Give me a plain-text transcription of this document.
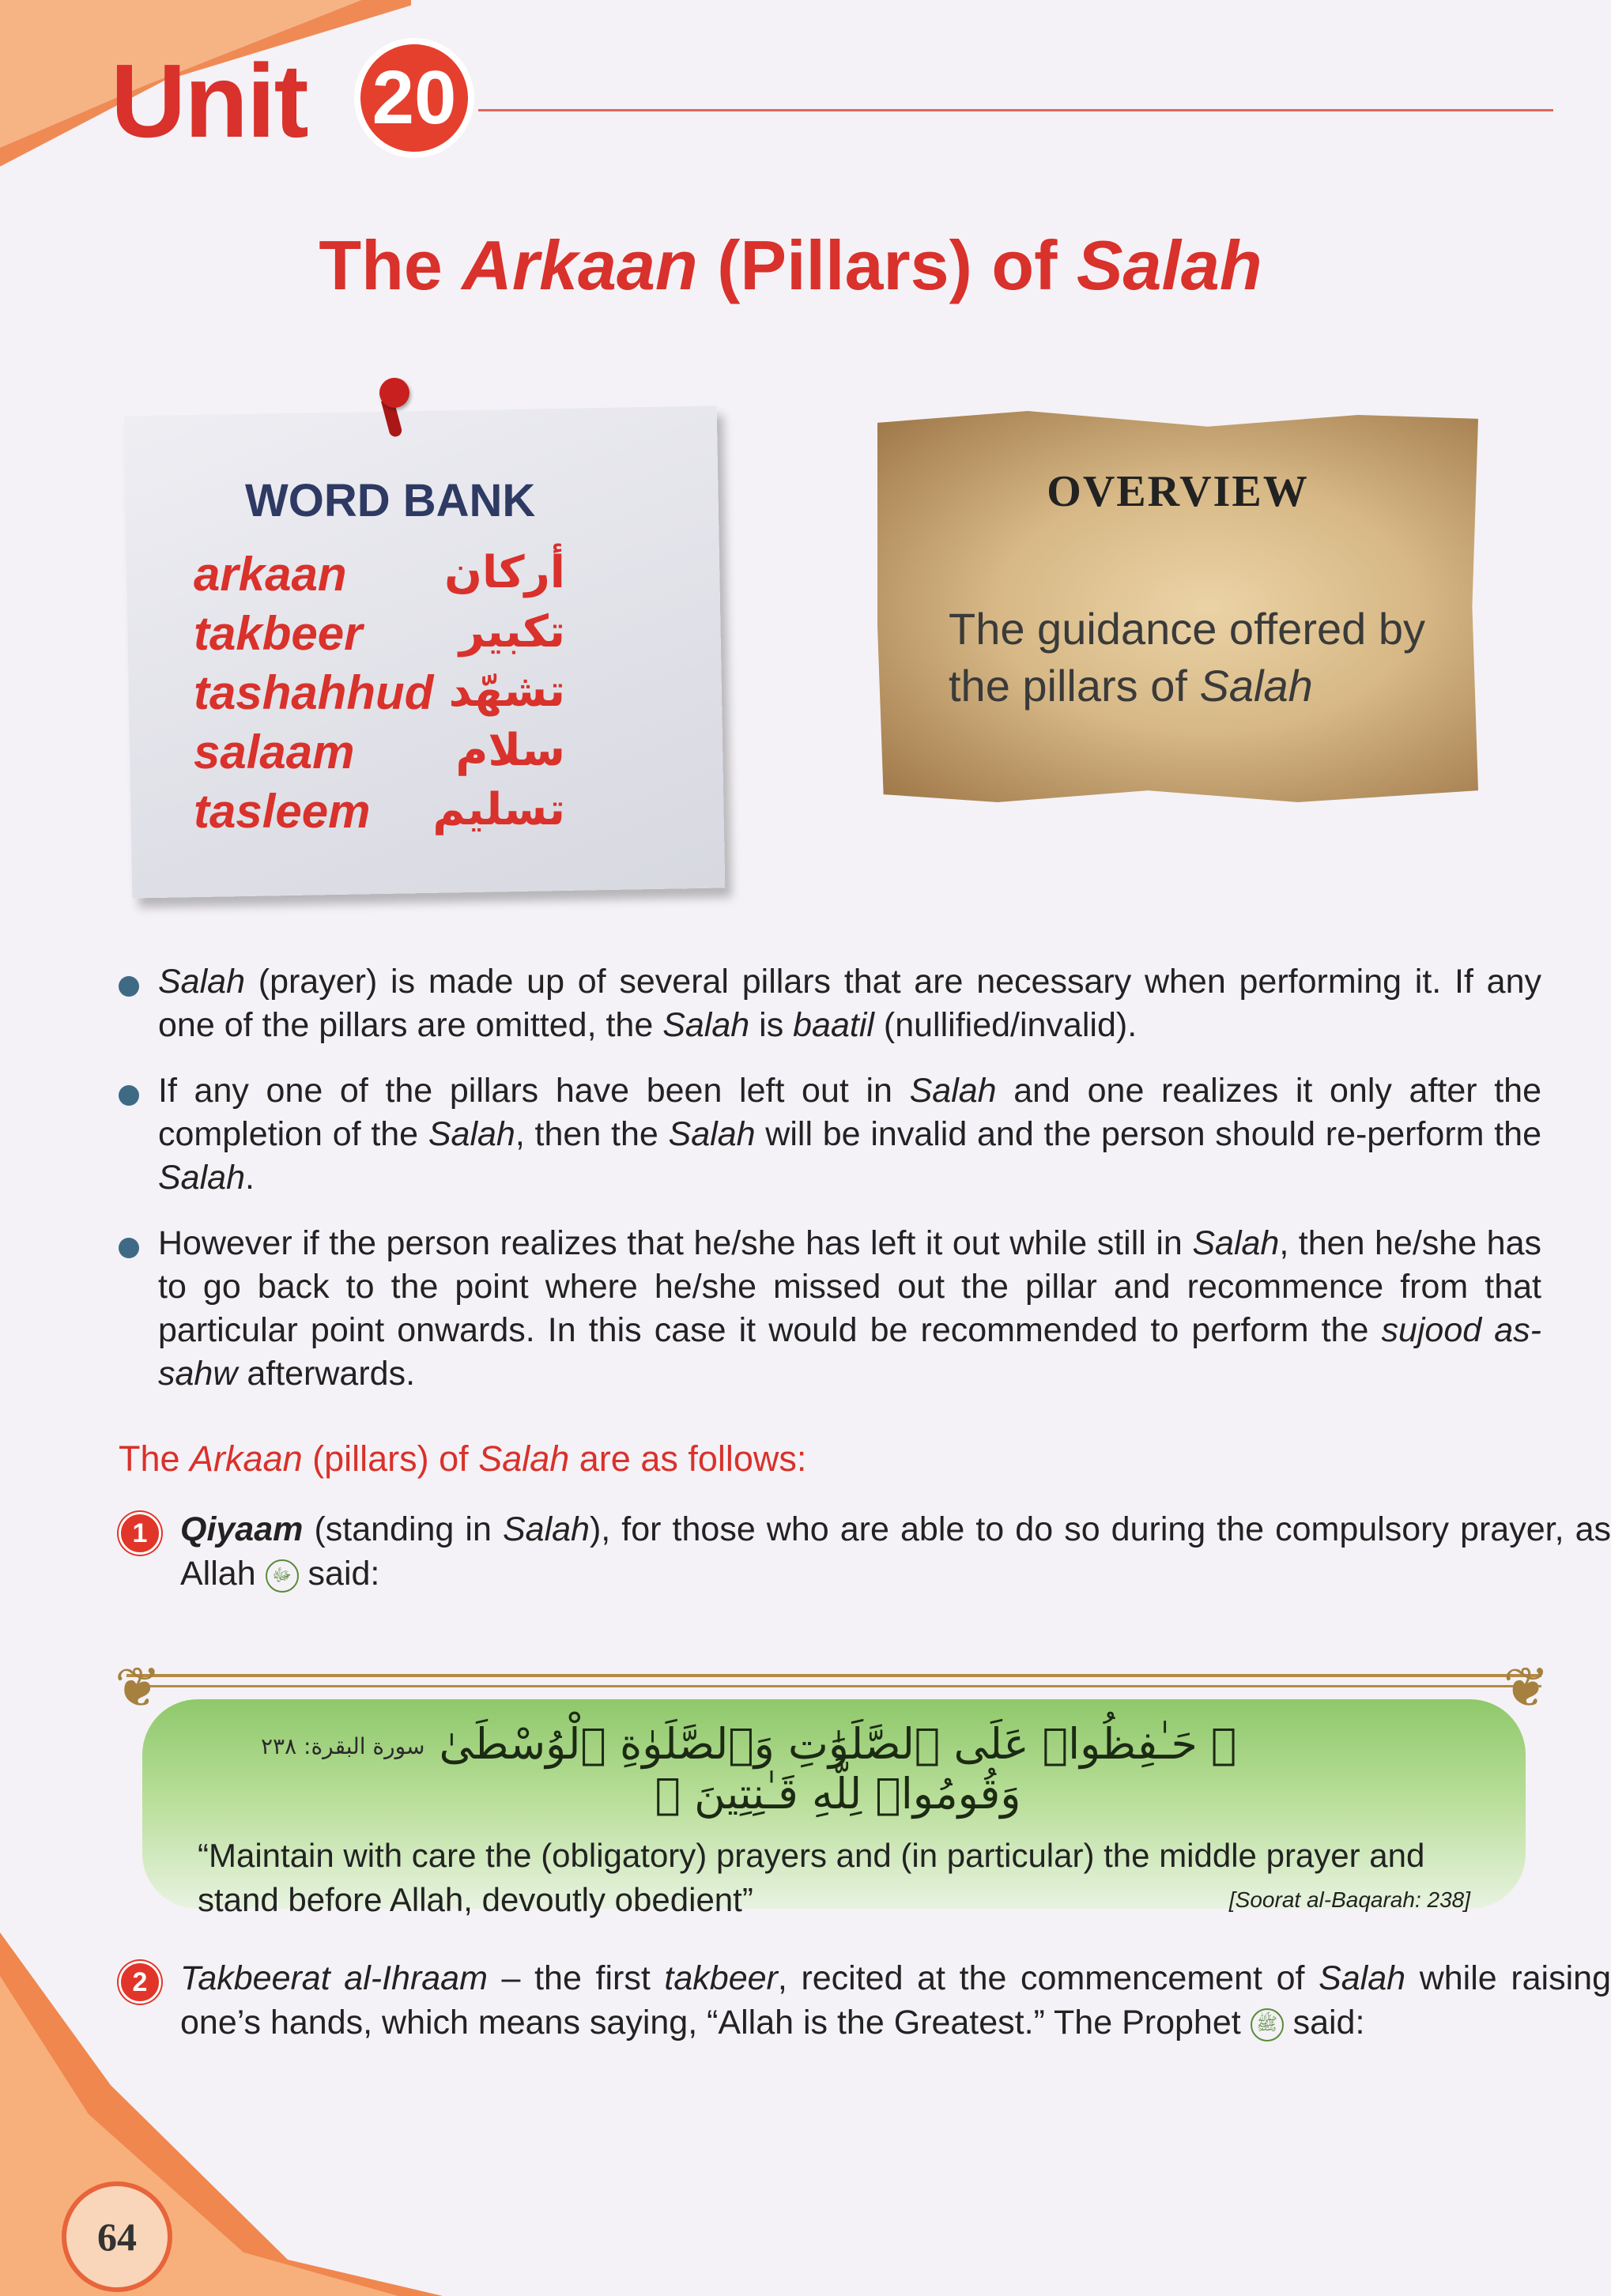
Unit 20
The Arkaan (Pillars) of Salah
WORD BANK
arkaan أركان
takbeer تكبير
tashahhud تشهّد
salaam سلام
tasleem تسليم
OVERVIEW
The guidance offered by the pillars of Salah
Salah (prayer) is made up of several pillars that are necessary when performing it. If any one of the pillars are omitted, the Salah is baatil (nullified/invalid).
If any one of the pillars have been left out in Salah and one realizes it only after the completion of the Salah, then the Salah will be invalid and the person should re-perform the Salah.
However if the person realizes that he/she has left it out while still in Salah, then he/she has to go back to the point where he/she missed out the pillar and recommence from that particular point onwards. In this case it would be recommended to perform the sujood as-sahw afterwards.
The Arkaan (pillars) of Salah are as follows:
1 Qiyaam (standing in Salah), for those who are able to do so during the compulsory prayer, as Allah ﷻ said:
❦	❦
سورة البقرة: ٢٣٨ ﴿ حَـٰفِظُوا۟ عَلَى ٱلصَّلَوَٰتِ وَٱلصَّلَوٰةِ ٱلْوُسْطَىٰ وَقُومُوا۟ لِلَّهِ قَـٰنِتِينَ ﴾
“Maintain with care the (obligatory) prayers and (in particular) the middle prayer and stand before Allah, devoutly obedient”	[Soorat al-Baqarah: 238]
2 Takbeerat al-Ihraam – the first takbeer, recited at the commencement of Salah while raising one’s hands, which means saying, “Allah is the Greatest.” The Prophet ﷺ said:
64
